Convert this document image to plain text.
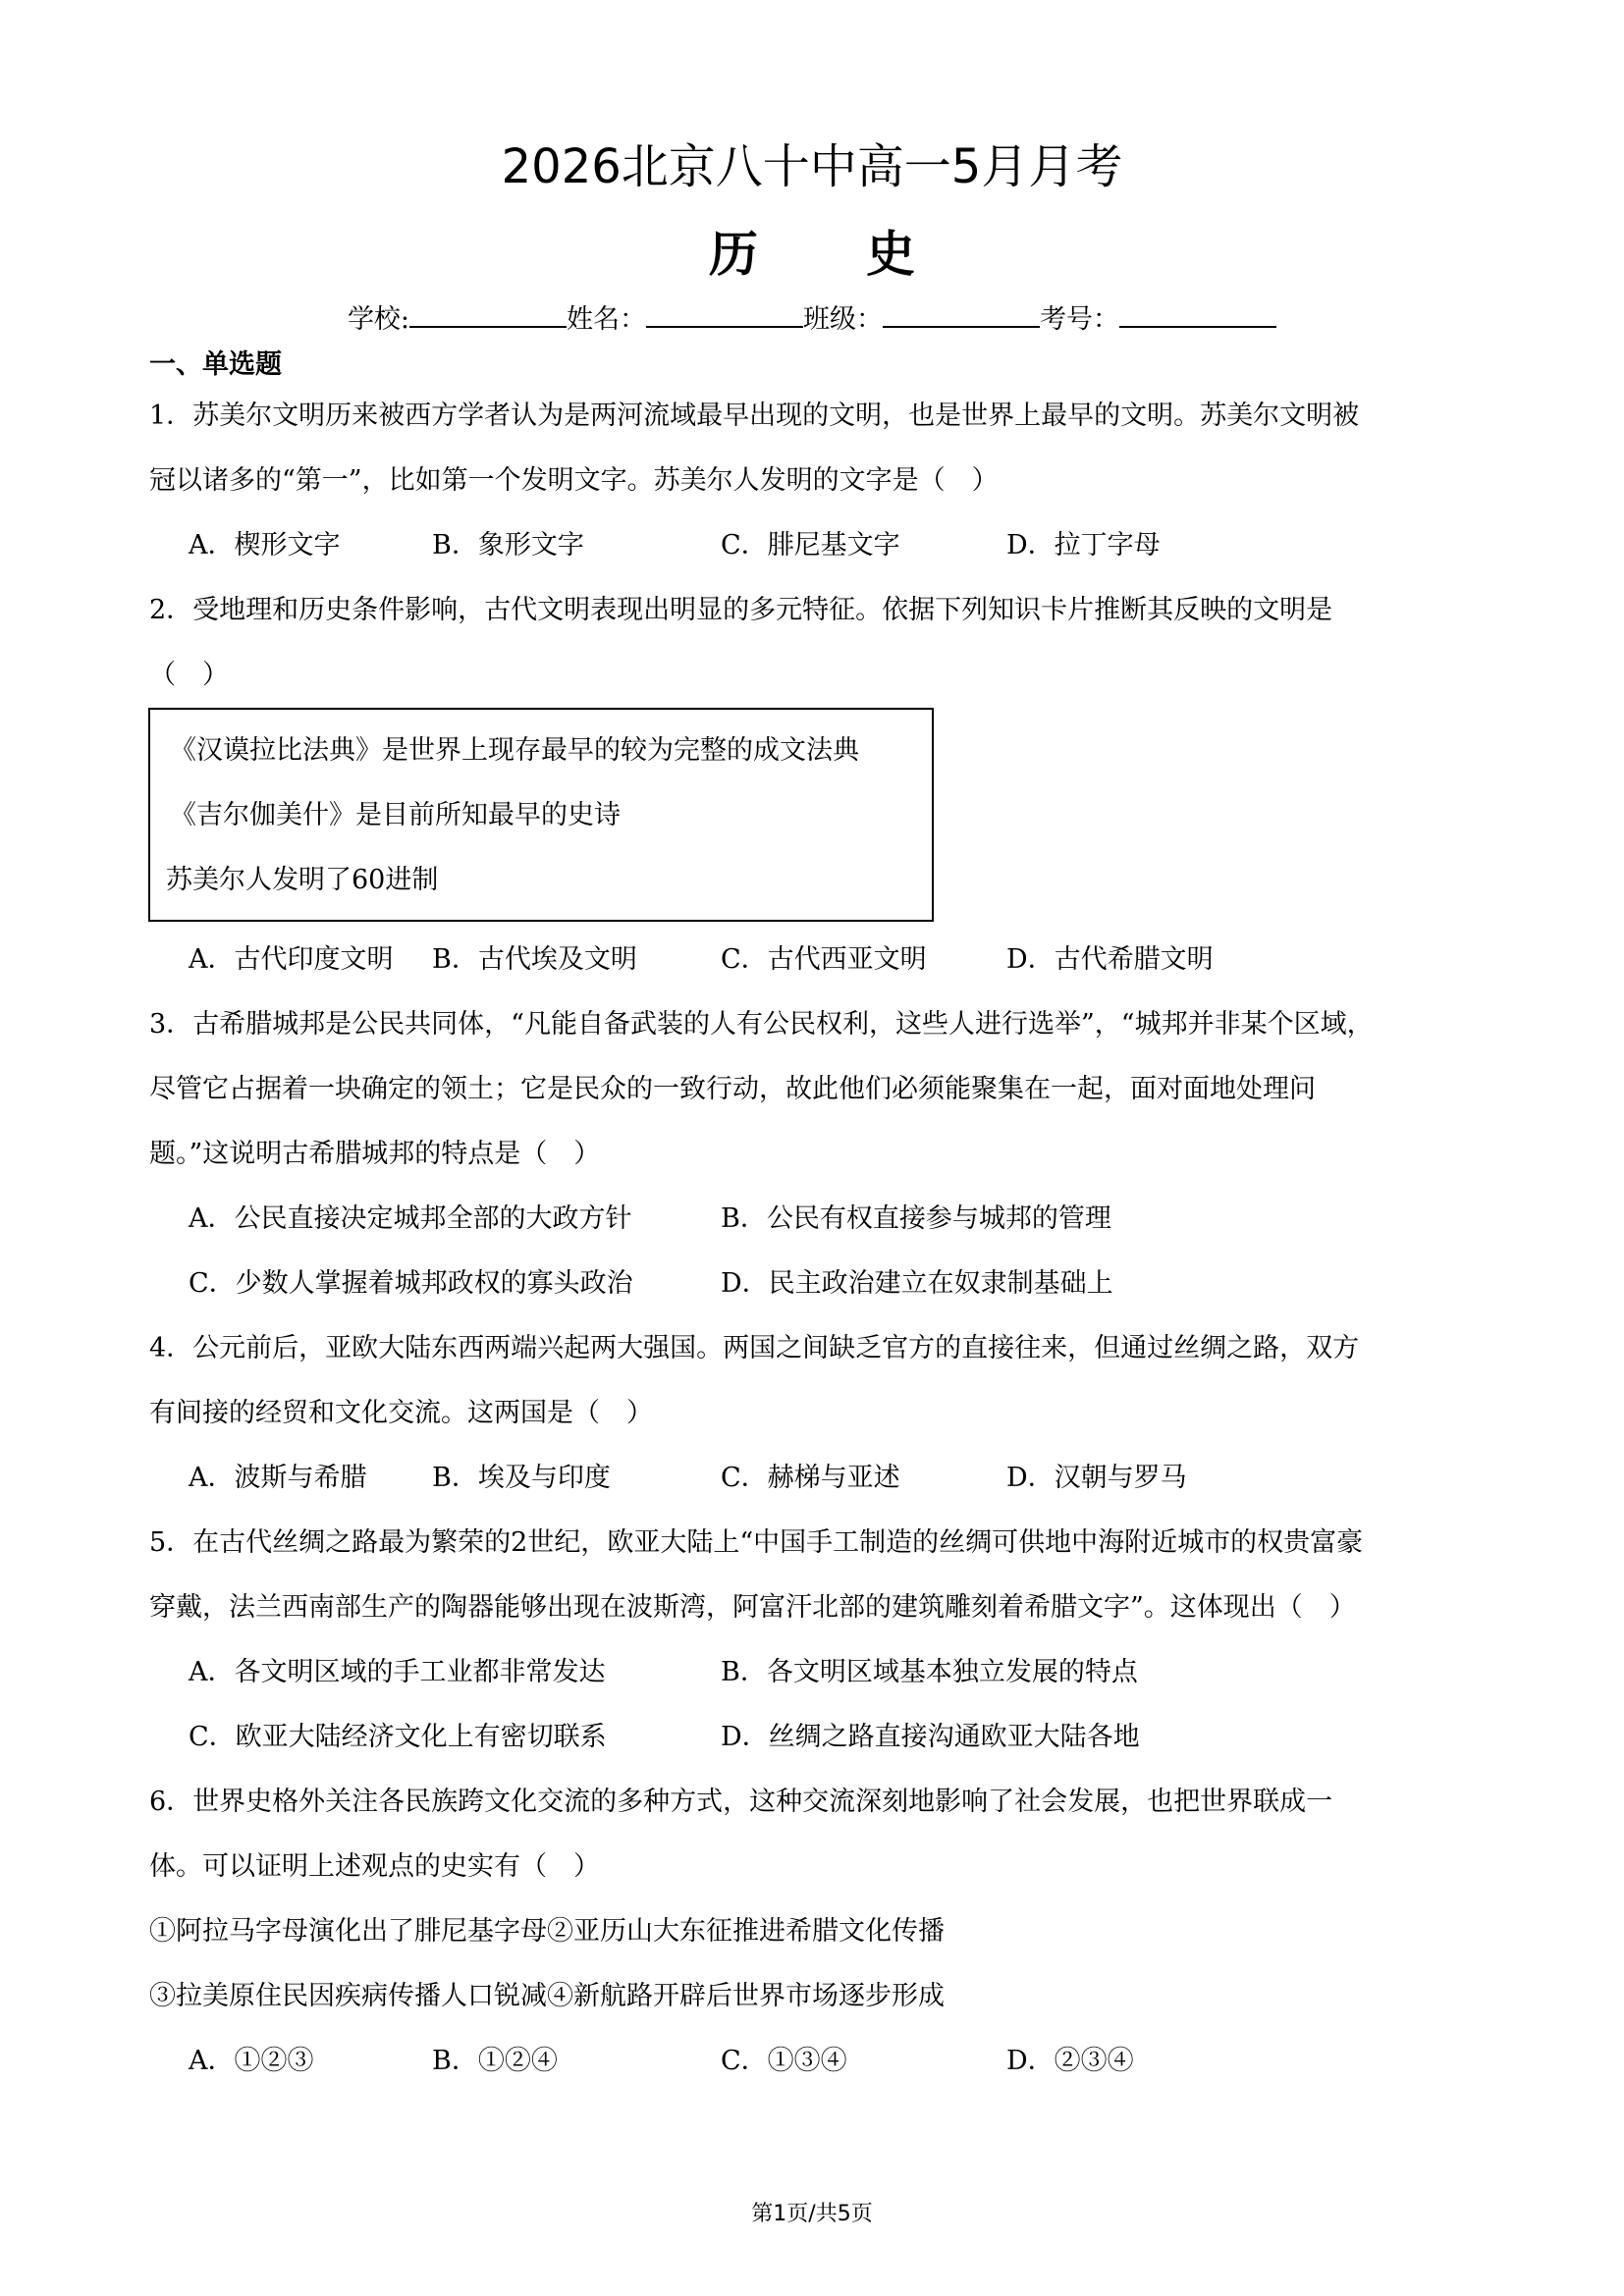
2026北京八十中高一5月月考
历 史
学校:	姓名：	班级：	考号：
一、单选题
1．苏美尔文明历来被西方学者认为是两河流域最早出现的文明，也是世界上最早的文明。苏美尔文明被
冠以诸多的“第一”，比如第一个发明文字。苏美尔人发明的文字是（　）
A．楔形文字	B．象形文字	C．腓尼基文字	D．拉丁字母
2．受地理和历史条件影响，古代文明表现出明显的多元特征。依据下列知识卡片推断其反映的文明是
（　）
《汉谟拉比法典》是世界上现存最早的较为完整的成文法典
《吉尔伽美什》是目前所知最早的史诗
苏美尔人发明了60进制
A．古代印度文明 B．古代埃及文明	C．古代西亚文明	D．古代希腊文明
3．古希腊城邦是公民共同体，“凡能自备武装的人有公民权利，这些人进行选举”，“城邦并非某个区域，
尽管它占据着一块确定的领土；它是民众的一致行动，故此他们必须能聚集在一起，面对面地处理问
题。”这说明古希腊城邦的特点是（　）
A．公民直接决定城邦全部的大政方针	B．公民有权直接参与城邦的管理
C．少数人掌握着城邦政权的寡头政治	D．民主政治建立在奴隶制基础上
4．公元前后，亚欧大陆东西两端兴起两大强国。两国之间缺乏官方的直接往来，但通过丝绸之路，双方
有间接的经贸和文化交流。这两国是（　）
A．波斯与希腊 B．埃及与印度	C．赫梯与亚述	D．汉朝与罗马
5．在古代丝绸之路最为繁荣的2世纪，欧亚大陆上“中国手工制造的丝绸可供地中海附近城市的权贵富豪
穿戴，法兰西南部生产的陶器能够出现在波斯湾，阿富汗北部的建筑雕刻着希腊文字”。这体现出（　）
A．各文明区域的手工业都非常发达	B．各文明区域基本独立发展的特点
C．欧亚大陆经济文化上有密切联系	D．丝绸之路直接沟通欧亚大陆各地
6．世界史格外关注各民族跨文化交流的多种方式，这种交流深刻地影响了社会发展，也把世界联成一
体。可以证明上述观点的史实有（　）
①阿拉马字母演化出了腓尼基字母②亚历山大东征推进希腊文化传播
③拉美原住民因疾病传播人口锐减④新航路开辟后世界市场逐步形成
A．①②③	B．①②④	C．①③④	D．②③④
第1页/共5页
